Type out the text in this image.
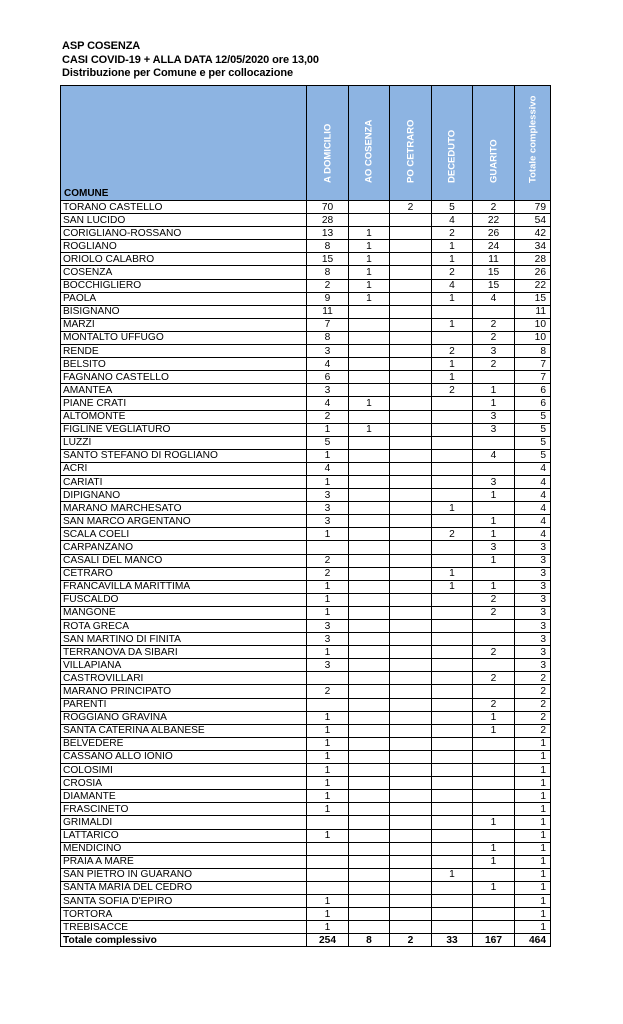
ASP COSENZA
CASI COVID-19 + ALLA DATA 12/05/2020 ore 13,00
Distribuzione per Comune e per collocazione
COMUNE	A DOMICILIO	AO COSENZA	PO CETRARO	DECEDUTO	GUARITO	Totale complessivo

TORANO CASTELLO	70		2	5	2	79
SAN LUCIDO	28			4	22	54
CORIGLIANO-ROSSANO	13	1		2	26	42
ROGLIANO	8	1		1	24	34
ORIOLO CALABRO	15	1		1	11	28
COSENZA	8	1		2	15	26
BOCCHIGLIERO	2	1		4	15	22
PAOLA	9	1		1	4	15
BISIGNANO	11					11
MARZI	7			1	2	10
MONTALTO UFFUGO	8				2	10
RENDE	3			2	3	8
BELSITO	4			1	2	7
FAGNANO CASTELLO	6			1		7
AMANTEA	3			2	1	6
PIANE CRATI	4	1			1	6
ALTOMONTE	2				3	5
FIGLINE VEGLIATURO	1	1			3	5
LUZZI	5					5
SANTO STEFANO DI ROGLIANO	1				4	5
ACRI	4					4
CARIATI	1				3	4
DIPIGNANO	3				1	4
MARANO MARCHESATO	3			1		4
SAN MARCO ARGENTANO	3				1	4
SCALA COELI	1			2	1	4
CARPANZANO					3	3
CASALI DEL MANCO	2				1	3
CETRARO	2			1		3
FRANCAVILLA MARITTIMA	1			1	1	3
FUSCALDO	1				2	3
MANGONE	1				2	3
ROTA GRECA	3					3
SAN MARTINO DI FINITA	3					3
TERRANOVA DA SIBARI	1				2	3
VILLAPIANA	3					3
CASTROVILLARI					2	2
MARANO PRINCIPATO	2					2
PARENTI					2	2
ROGGIANO GRAVINA	1				1	2
SANTA CATERINA ALBANESE	1				1	2
BELVEDERE	1					1
CASSANO ALLO IONIO	1					1
COLOSIMI	1					1
CROSIA	1					1
DIAMANTE	1					1
FRASCINETO	1					1
GRIMALDI					1	1
LATTARICO	1					1
MENDICINO					1	1
PRAIA A MARE					1	1
SAN PIETRO IN GUARANO				1		1
SANTA MARIA DEL CEDRO					1	1
SANTA SOFIA D'EPIRO	1					1
TORTORA	1					1
TREBISACCE	1					1
Totale complessivo	254	8	2	33	167	464
